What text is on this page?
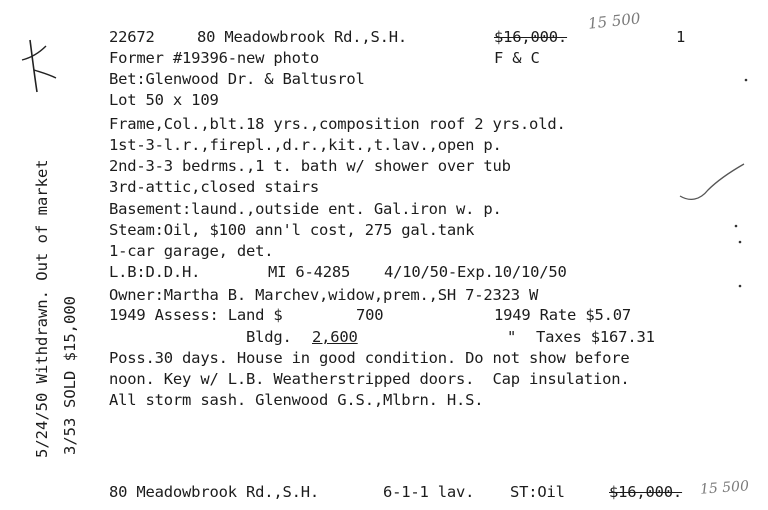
22672	80 Meadowbrook Rd.,S.H.	$16,000.
15 500
1
Former #19396-new photo	F & C
Bet:Glenwood Dr. & Baltusrol
Lot 50 x 109
Frame,Col.,blt.18 yrs.,composition roof 2 yrs.old.
1st-3-l.r.,firepl.,d.r.,kit.,t.lav.,open p.
2nd-3-3 bedrms.,1 t. bath w/ shower over tub
3rd-attic,closed stairs
Basement:laund.,outside ent. Gal.iron w. p.
Steam:Oil, $100 ann'l cost, 275 gal.tank
1-car garage, det.
L.B:D.D.H.	MI 6-4285 4/10/50-Exp.10/10/50
Owner:Martha B. Marchev,widow,prem.,SH 7-2323 W
1949 Assess: Land $	700	1949 Rate $5.07
Bldg. 2,600	" Taxes $167.31
Poss.30 days. House in good condition. Do not show before
noon. Key w/ L.B. Weatherstripped doors.  Cap insulation.
All storm sash. Glenwood G.S.,Mlbrn. H.S.
5/24/50 Withdrawn. Out of market 3/53
SOLD $15,000
80 Meadowbrook Rd.,S.H.	6-1-1 lav. ST:Oil	$16,000. 15 500
